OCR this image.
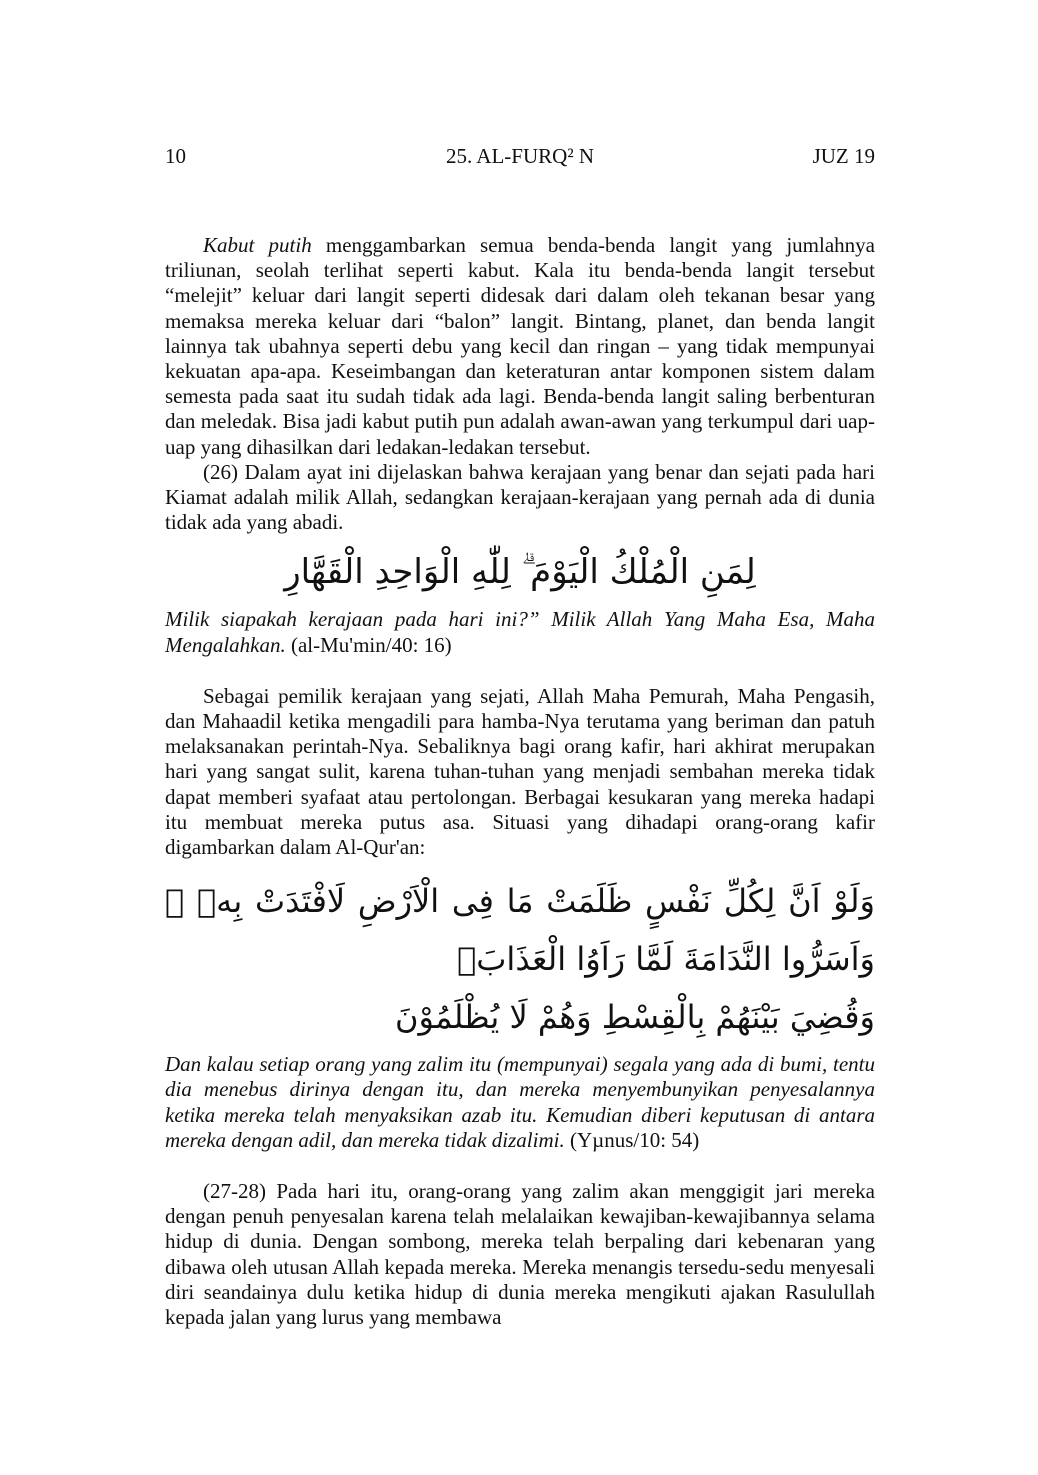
10	25. AL-FURQ² N	JUZ 19

Kabut putih menggambarkan semua benda-benda langit yang jumlahnya triliunan, seolah terlihat seperti kabut. Kala itu benda-benda langit tersebut “melejit” keluar dari langit seperti didesak dari dalam oleh tekanan besar yang memaksa mereka keluar dari “balon” langit. Bintang, planet, dan benda langit lainnya tak ubahnya seperti debu yang kecil dan ringan – yang tidak mempunyai kekuatan apa-apa. Keseimbangan dan keteraturan antar komponen sistem dalam semesta pada saat itu sudah tidak ada lagi. Benda-benda langit saling berbenturan dan meledak. Bisa jadi kabut putih pun adalah awan-awan yang terkumpul dari uap-uap yang dihasilkan dari ledakan-ledakan tersebut.

(26) Dalam ayat ini dijelaskan bahwa kerajaan yang benar dan sejati pada hari Kiamat adalah milik Allah, sedangkan kerajaan-kerajaan yang pernah ada di dunia tidak ada yang abadi.

لِمَنِ الْمُلْكُ الْيَوْمَ ۗ لِلّٰهِ الْوَاحِدِ الْقَهَّارِ

Milik siapakah kerajaan pada hari ini?” Milik Allah Yang Maha Esa, Maha Mengalahkan. (al-Mu'min/40: 16)

Sebagai pemilik kerajaan yang sejati, Allah Maha Pemurah, Maha Pengasih, dan Mahaadil ketika mengadili para hamba-Nya terutama yang beriman dan patuh melaksanakan perintah-Nya. Sebaliknya bagi orang kafir, hari akhirat merupakan hari yang sangat sulit, karena tuhan-tuhan yang menjadi sembahan mereka tidak dapat memberi syafaat atau pertolongan. Berbagai kesukaran yang mereka hadapi itu membuat mereka putus asa. Situasi yang dihadapi orang-orang kafir digambarkan dalam Al-Qur'an:

وَلَوْ اَنَّ لِكُلِّ نَفْسٍ ظَلَمَتْ مَا فِى الْاَرْضِ لَافْتَدَتْ بِهٖ ۗ وَاَسَرُّوا النَّدَامَةَ لَمَّا رَاَوُا الْعَذَابَۚ
وَقُضِيَ بَيْنَهُمْ بِالْقِسْطِ وَهُمْ لَا يُظْلَمُوْنَ

Dan kalau setiap orang yang zalim itu (mempunyai) segala yang ada di bumi, tentu dia menebus dirinya dengan itu, dan mereka menyembunyikan penyesalannya ketika mereka telah menyaksikan azab itu. Kemudian diberi keputusan di antara mereka dengan adil, dan mereka tidak dizalimi. (Yµnus/10: 54)

(27-28) Pada hari itu, orang-orang yang zalim akan menggigit jari mereka dengan penuh penyesalan karena telah melalaikan kewajiban-kewajibannya selama hidup di dunia. Dengan sombong, mereka telah berpaling dari kebenaran yang dibawa oleh utusan Allah kepada mereka. Mereka menangis tersedu-sedu menyesali diri seandainya dulu ketika hidup di dunia mereka mengikuti ajakan Rasulullah kepada jalan yang lurus yang membawa
